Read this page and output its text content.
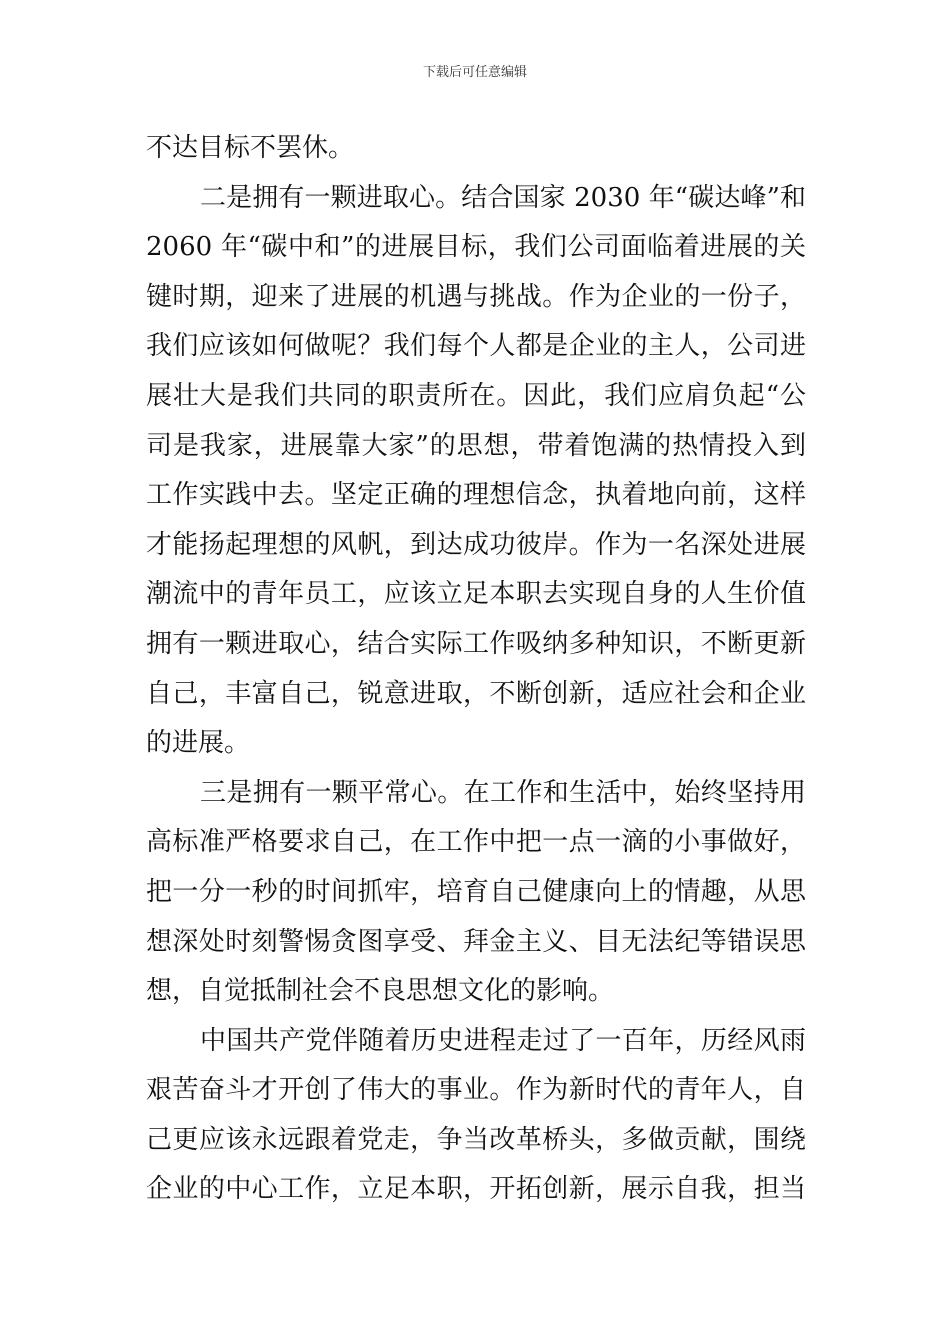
下载后可任意编辑
不达目标不罢休。
二是拥有一颗进取心。结合国家 2030 年“碳达峰”和
2060 年“碳中和”的进展目标，我们公司面临着进展的关
键时期，迎来了进展的机遇与挑战。作为企业的一份子，
我们应该如何做呢？我们每个人都是企业的主人，公司进
展壮大是我们共同的职责所在。因此，我们应肩负起“公
司是我家，进展靠大家”的思想，带着饱满的热情投入到
工作实践中去。坚定正确的理想信念，执着地向前，这样
才能扬起理想的风帆，到达成功彼岸。作为一名深处进展
潮流中的青年员工，应该立足本职去实现自身的人生价值
拥有一颗进取心，结合实际工作吸纳多种知识，不断更新
自己，丰富自己，锐意进取，不断创新，适应社会和企业
的进展。
三是拥有一颗平常心。在工作和生活中，始终坚持用
高标准严格要求自己，在工作中把一点一滴的小事做好，
把一分一秒的时间抓牢，培育自己健康向上的情趣，从思
想深处时刻警惕贪图享受、拜金主义、目无法纪等错误思
想，自觉抵制社会不良思想文化的影响。
中国共产党伴随着历史进程走过了一百年，历经风雨
艰苦奋斗才开创了伟大的事业。作为新时代的青年人，自
己更应该永远跟着党走，争当改革桥头，多做贡献，围绕
企业的中心工作，立足本职，开拓创新，展示自我，担当
